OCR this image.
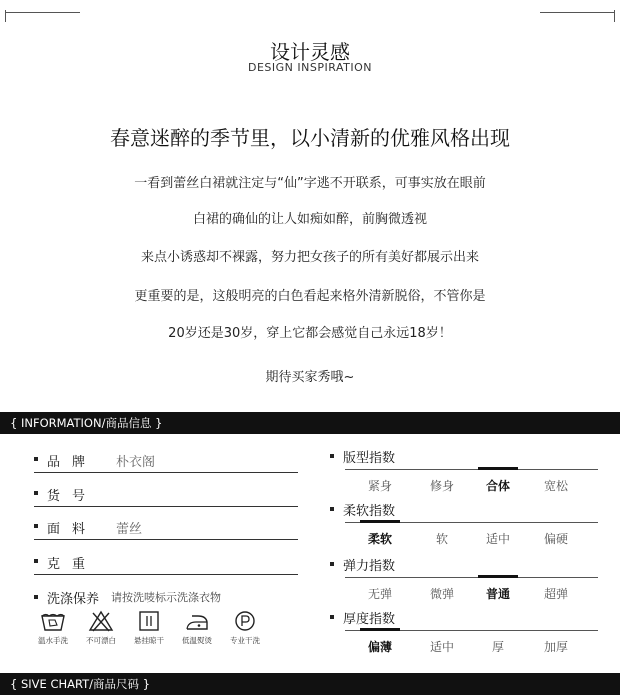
设计灵感
DESIGN INSPIRATION
春意迷醉的季节里，以小清新的优雅风格出现
一看到蕾丝白裙就注定与“仙”字逃不开联系，可事实放在眼前
白裙的确仙的让人如痴如醉，前胸微透视
来点小诱惑却不裸露，努力把女孩子的所有美好都展示出来
更重要的是，这般明亮的白色看起来格外清新脱俗，不管你是
20岁还是30岁，穿上它都会感觉自己永远18岁！
期待买家秀哦~
{ INFORMATION/商品信息 }
品牌 朴衣阁
货号
面料 蕾丝
克重
洗涤保养 请按洗唛标示洗涤衣物
温水手洗	不可漂白	悬挂晾干	低温熨烫	专业干洗
版型指数
紧身	修身	合体	宽松
柔软指数
柔软	软	适中	偏硬
弹力指数
无弹	微弹	普通	超弹
厚度指数
偏薄	适中	厚	加厚
{ SIVE CHART/商品尺码 }
